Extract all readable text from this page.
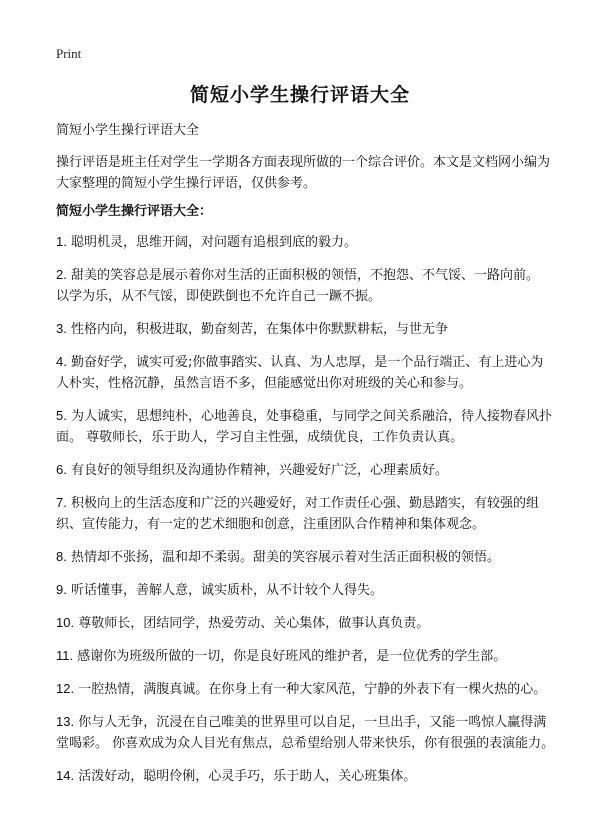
Print
简短小学生操行评语大全
简短小学生操行评语大全
操行评语是班主任对学生一学期各方面表现所做的一个综合评价。本文是文档网小编为大家整理的简短小学生操行评语，仅供参考。
简短小学生操行评语大全：
1. 聪明机灵，思维开阔，对问题有追根到底的毅力。
2. 甜美的笑容总是展示着你对生活的正面积极的领悟，不抱怨、不气馁、一路向前。 以学为乐，从不气馁，即使跌倒也不允许自己一蹶不振。
3. 性格内向，积极进取，勤奋刻苦，在集体中你默默耕耘，与世无争
4. 勤奋好学，诚实可爱;你做事踏实、认真、为人忠厚，是一个品行端正、有上进心为人朴实，性格沉静，虽然言语不多，但能感觉出你对班级的关心和参与。
5. 为人诚实，思想纯朴，心地善良，处事稳重，与同学之间关系融洽，待人接物春风扑面。 尊敬师长，乐于助人，学习自主性强，成绩优良，工作负责认真。
6. 有良好的领导组织及沟通协作精神，兴趣爱好广泛，心理素质好。
7. 积极向上的生活态度和广泛的兴趣爱好，对工作责任心强、勤恳踏实，有较强的组织、宣传能力，有一定的艺术细胞和创意，注重团队合作精神和集体观念。
8. 热情却不张扬，温和却不柔弱。甜美的笑容展示着对生活正面积极的领悟。
9. 听话懂事，善解人意，诚实质朴，从不计较个人得失。
10. 尊敬师长，团结同学，热爱劳动、关心集体，做事认真负责。
11. 感谢你为班级所做的一切，你是良好班风的维护者，是一位优秀的学生部。
12. 一腔热情，满腹真诚。在你身上有一种大家风范，宁静的外表下有一棵火热的心。
13. 你与人无争，沉浸在自己唯美的世界里可以自足，一旦出手，又能一鸣惊人赢得满堂喝彩。 你喜欢成为众人目光有焦点，总希望给别人带来快乐，你有很强的表演能力。
14. 活泼好动，聪明伶俐，心灵手巧，乐于助人，关心班集体。
